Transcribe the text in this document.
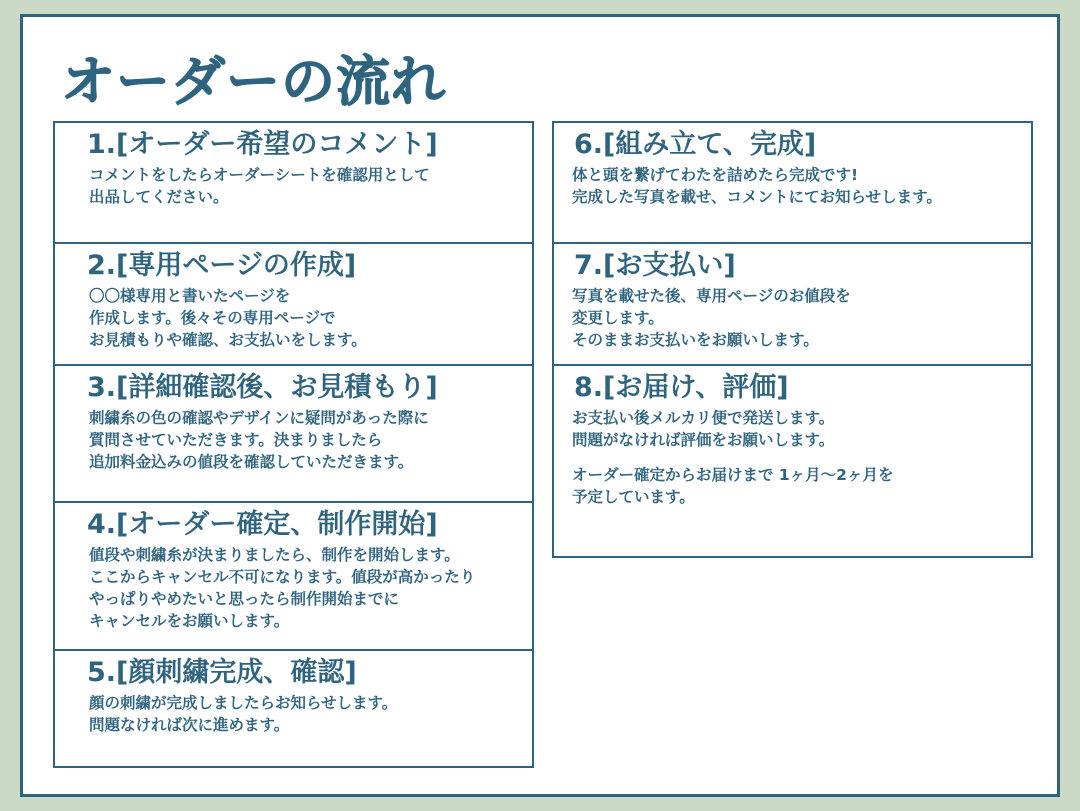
オーダーの流れ
1.[オーダー希望のコメント]
コメントをしたらオーダーシートを確認用として
出品してください。
2.[専用ページの作成]
〇〇様専用と書いたページを
作成します。後々その専用ページで
お見積もりや確認、お支払いをします。
3.[詳細確認後、お見積もり]
刺繍糸の色の確認やデザインに疑問があった際に
質問させていただきます。決まりましたら
追加料金込みの値段を確認していただきます。
4.[オーダー確定、制作開始]
値段や刺繍糸が決まりましたら、制作を開始します。
ここからキャンセル不可になります。値段が高かったり
やっぱりやめたいと思ったら制作開始までに
キャンセルをお願いします。
5.[顔刺繍完成、確認]
顔の刺繍が完成しましたらお知らせします。
問題なければ次に進めます。
6.[組み立て、完成]
体と頭を繋げてわたを詰めたら完成です!
完成した写真を載せ、コメントにてお知らせします。
7.[お支払い]
写真を載せた後、専用ページのお値段を
変更します。
そのままお支払いをお願いします。
8.[お届け、評価]
お支払い後メルカリ便で発送します。
問題がなければ評価をお願いします。
オーダー確定からお届けまで 1ヶ月〜2ヶ月を
予定しています。
